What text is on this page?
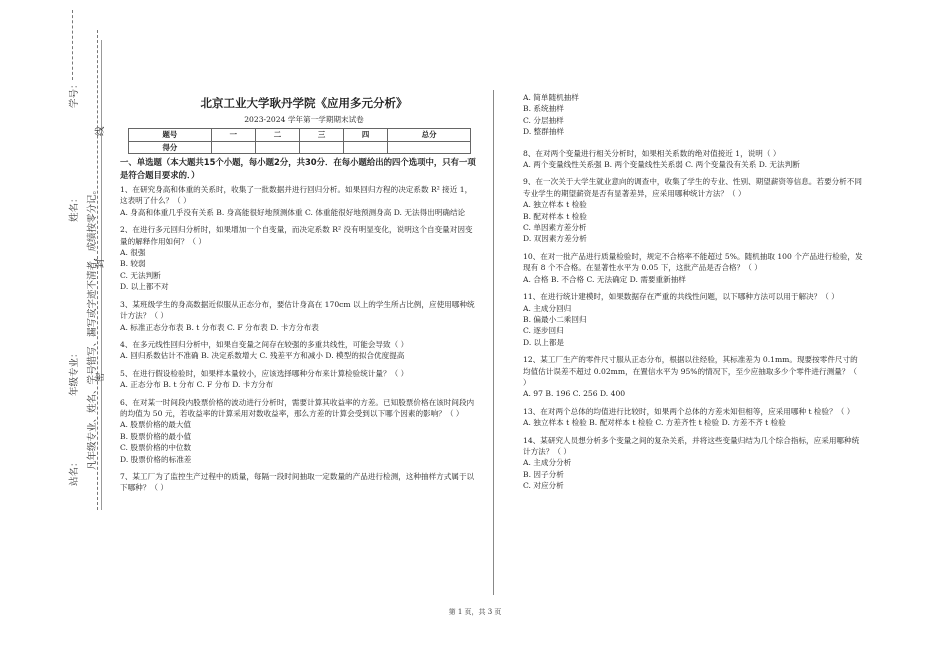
学号：
姓名：
年级专业：
站名：
凡年级专业、姓名、学号错写、漏写或字迹不清者，成绩按零分记。
线
封
密
北京工业大学耿丹学院《应用多元分析》
2023-2024 学年第一学期期末试卷
题号	一	二	三	四	总分
得分					
一、单选题（本大题共15个小题，每小题2分，共30分．在每小题给出的四个选项中，只有一项是符合题目要求的．）

1、在研究身高和体重的关系时，收集了一批数据并进行回归分析。如果回归方程的决定系数 R² 接近 1，这表明了什么？（ ）

A. 身高和体重几乎没有关系 B. 身高能很好地预测体重 C. 体重能很好地预测身高 D. 无法得出明确结论

2、在进行多元回归分析时，如果增加一个自变量，而决定系数 R² 没有明显变化，说明这个自变量对因变量的解释作用如何？（ ）

A. 很强

B. 较弱

C. 无法判断

D. 以上都不对

3、某班级学生的身高数据近似服从正态分布，要估计身高在 170cm 以上的学生所占比例，应使用哪种统计方法？（ ）

A. 标准正态分布表 B. t 分布表 C. F 分布表 D. 卡方分布表

4、在多元线性回归分析中，如果自变量之间存在较强的多重共线性，可能会导致（ ）

A. 回归系数估计不准确 B. 决定系数增大 C. 残差平方和减小 D. 模型的拟合优度提高

5、在进行假设检验时，如果样本量较小，应该选择哪种分布来计算检验统计量？（ ）

A. 正态分布 B. t 分布 C. F 分布 D. 卡方分布

6、在对某一时间段内股票价格的波动进行分析时，需要计算其收益率的方差。已知股票价格在该时间段内的均值为 50 元，若收益率的计算采用对数收益率，那么方差的计算会受到以下哪个因素的影响？（ ）

A. 股票价格的最大值

B. 股票价格的最小值

C. 股票价格的中位数

D. 股票价格的标准差

7、某工厂为了监控生产过程中的质量，每隔一段时间抽取一定数量的产品进行检测，这种抽样方式属于以下哪种？（ ）

A. 简单随机抽样

B. 系统抽样

C. 分层抽样

D. 整群抽样

8、在对两个变量进行相关分析时，如果相关系数的绝对值接近 1，说明（ ）

A. 两个变量线性关系强 B. 两个变量线性关系弱 C. 两个变量没有关系 D. 无法判断

9、在一次关于大学生就业意向的调查中，收集了学生的专业、性别、期望薪资等信息。若要分析不同专业学生的期望薪资是否有显著差异，应采用哪种统计方法？（ ）

A. 独立样本 t 检验

B. 配对样本 t 检验

C. 单因素方差分析

D. 双因素方差分析

10、在对一批产品进行质量检验时，规定不合格率不能超过 5%。随机抽取 100 个产品进行检验，发现有 8 个不合格。在显著性水平为 0.05 下，这批产品是否合格？（ ）

A. 合格 B. 不合格 C. 无法确定 D. 需要重新抽样

11、在进行统计建模时，如果数据存在严重的共线性问题，以下哪种方法可以用于解决？（ ）

A. 主成分回归

B. 偏最小二乘回归

C. 逐步回归

D. 以上都是

12、某工厂生产的零件尺寸服从正态分布，根据以往经验，其标准差为 0.1mm。现要按零件尺寸的均值估计误差不超过 0.02mm，在置信水平为 95%的情况下，至少应抽取多少个零件进行测量？（ ）

A. 97 B. 196 C. 256 D. 400

13、在对两个总体的均值进行比较时，如果两个总体的方差未知但相等，应采用哪种 t 检验？（ ）

A. 独立样本 t 检验 B. 配对样本 t 检验 C. 方差齐性 t 检验 D. 方差不齐 t 检验

14、某研究人员想分析多个变量之间的复杂关系，并将这些变量归结为几个综合指标，应采用哪种统计方法？（ ）

A. 主成分分析

B. 因子分析

C. 对应分析

第 1 页，共 3 页
